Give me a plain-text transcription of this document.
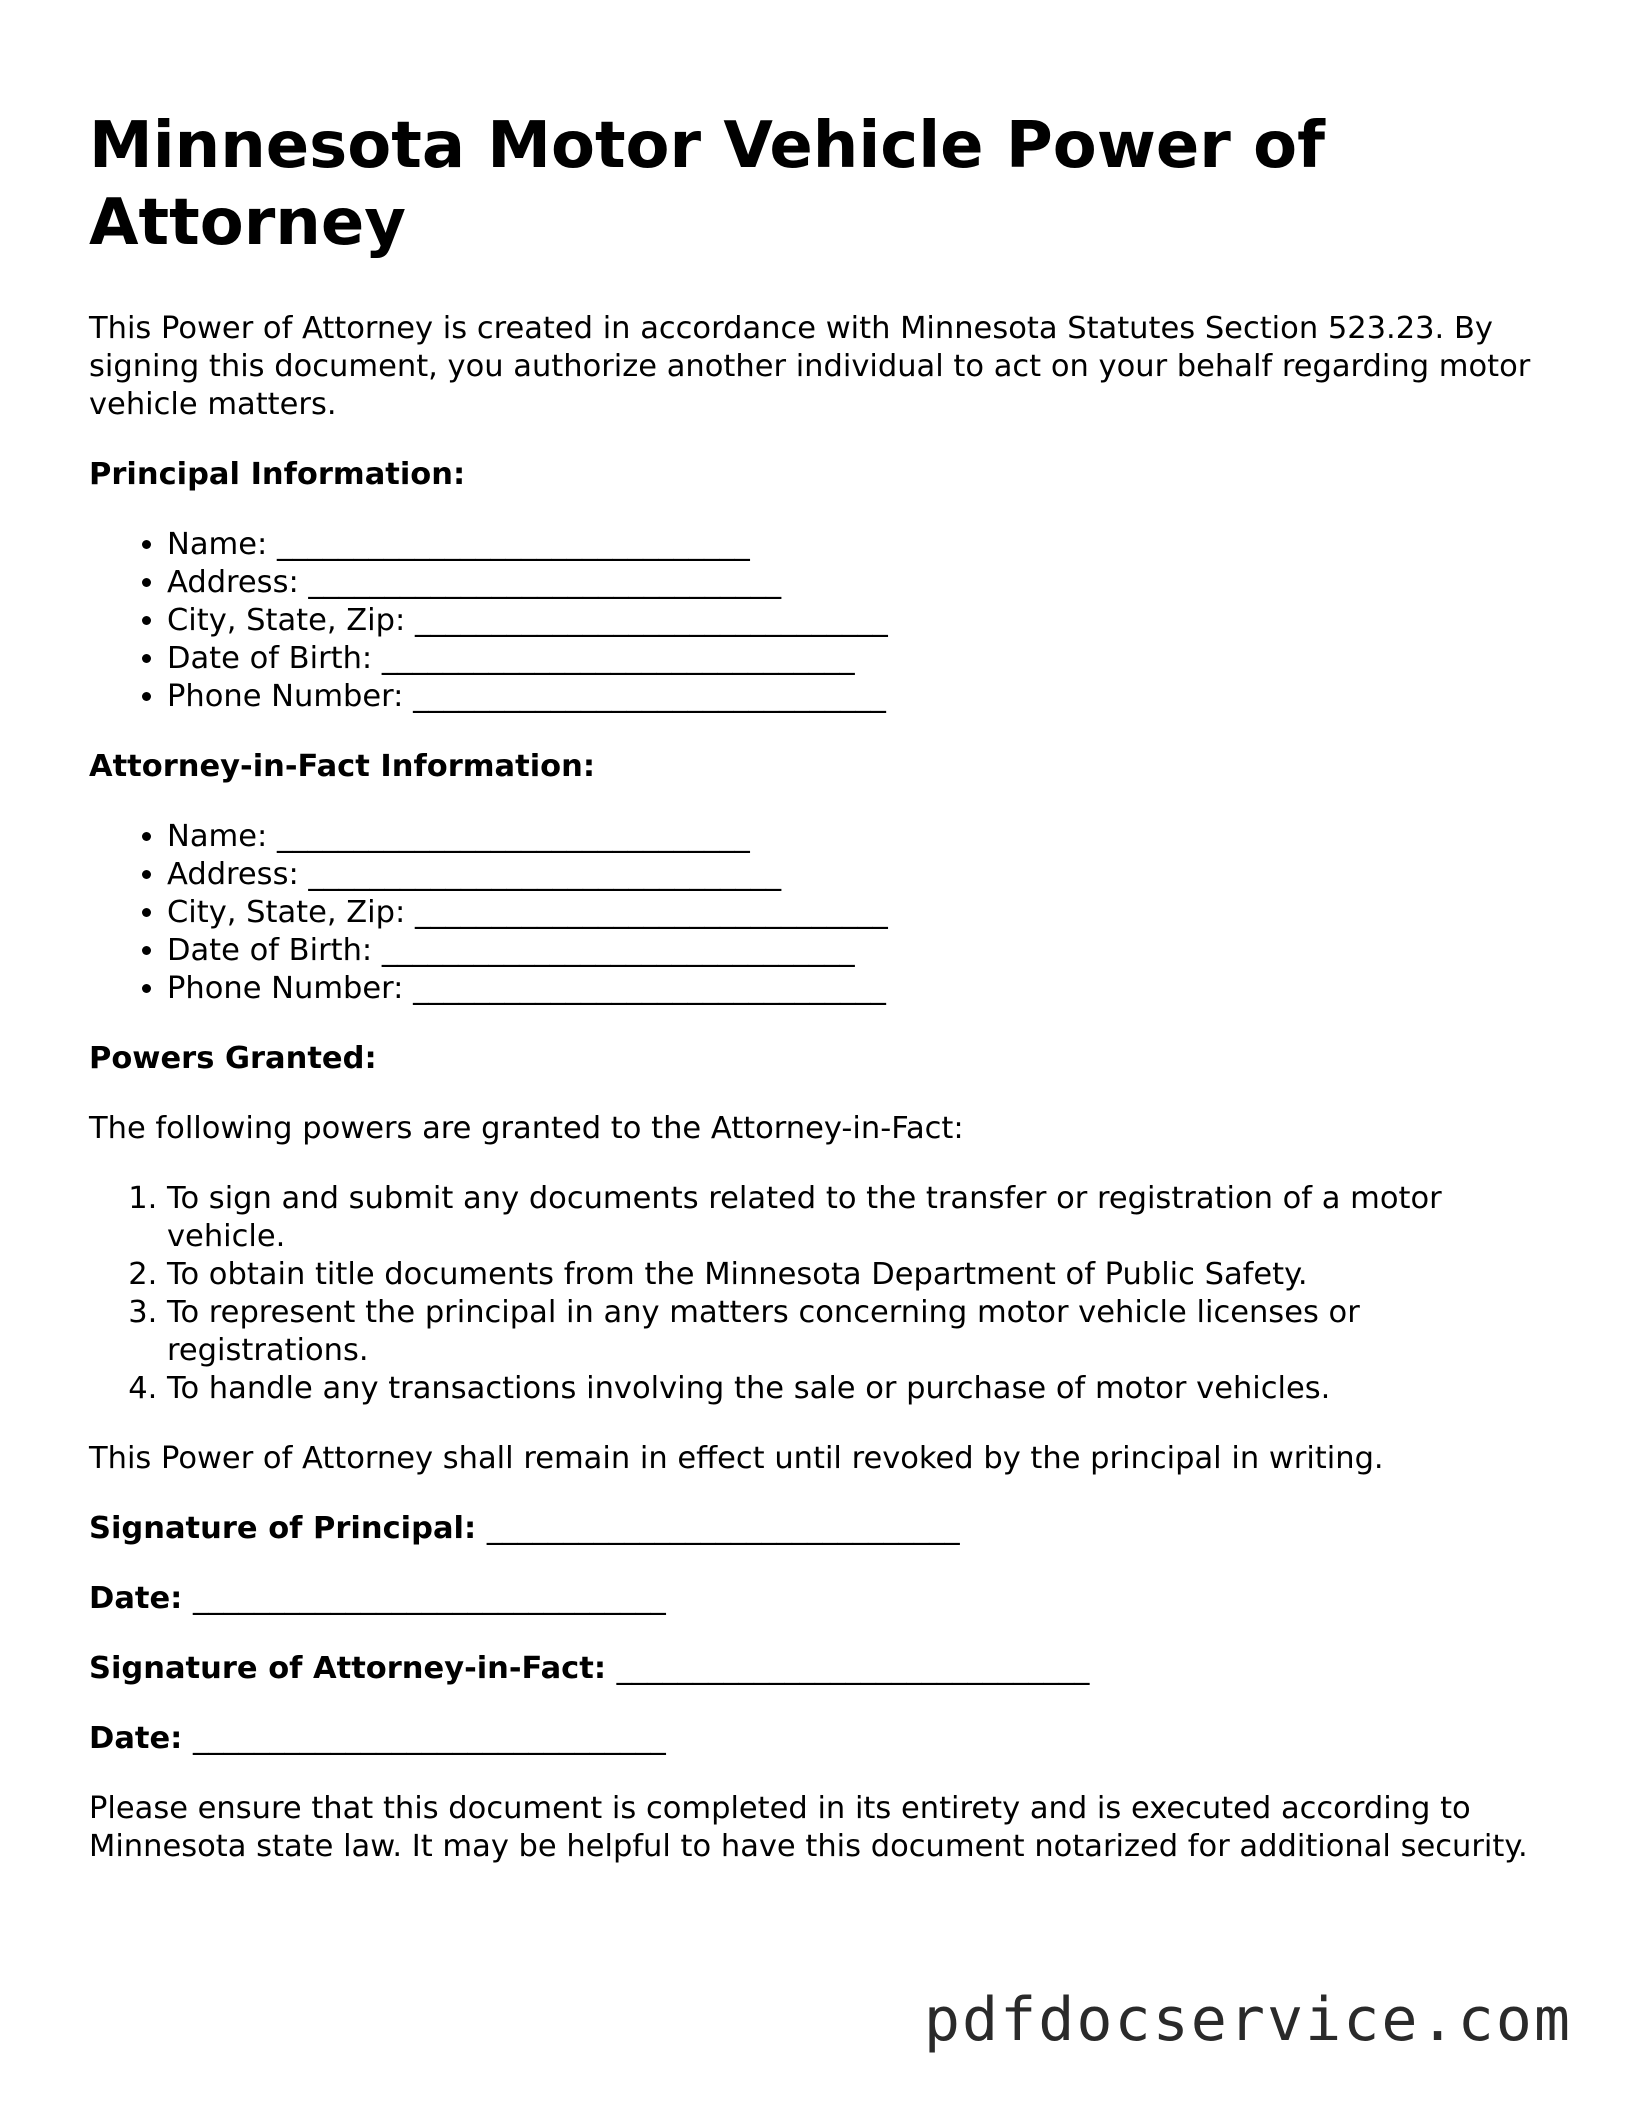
Minnesota Motor Vehicle Power of Attorney

This Power of Attorney is created in accordance with Minnesota Statutes Section 523.23. By signing this document, you authorize another individual to act on your behalf regarding motor vehicle matters.

Principal Information:

• Name: _______________________________
• Address: _______________________________
• City, State, Zip: _______________________________
• Date of Birth: _______________________________
• Phone Number: _______________________________

Attorney-in-Fact Information:

• Name: _______________________________
• Address: _______________________________
• City, State, Zip: _______________________________
• Date of Birth: _______________________________
• Phone Number: _______________________________

Powers Granted:

The following powers are granted to the Attorney-in-Fact:

1. To sign and submit any documents related to the transfer or registration of a motor vehicle.
2. To obtain title documents from the Minnesota Department of Public Safety.
3. To represent the principal in any matters concerning motor vehicle licenses or registrations.
4. To handle any transactions involving the sale or purchase of motor vehicles.

This Power of Attorney shall remain in effect until revoked by the principal in writing.

Signature of Principal: _______________________________

Date: _______________________________

Signature of Attorney-in-Fact: _______________________________

Date: _______________________________

Please ensure that this document is completed in its entirety and is executed according to Minnesota state law. It may be helpful to have this document notarized for additional security.

pdfdocservice.com
